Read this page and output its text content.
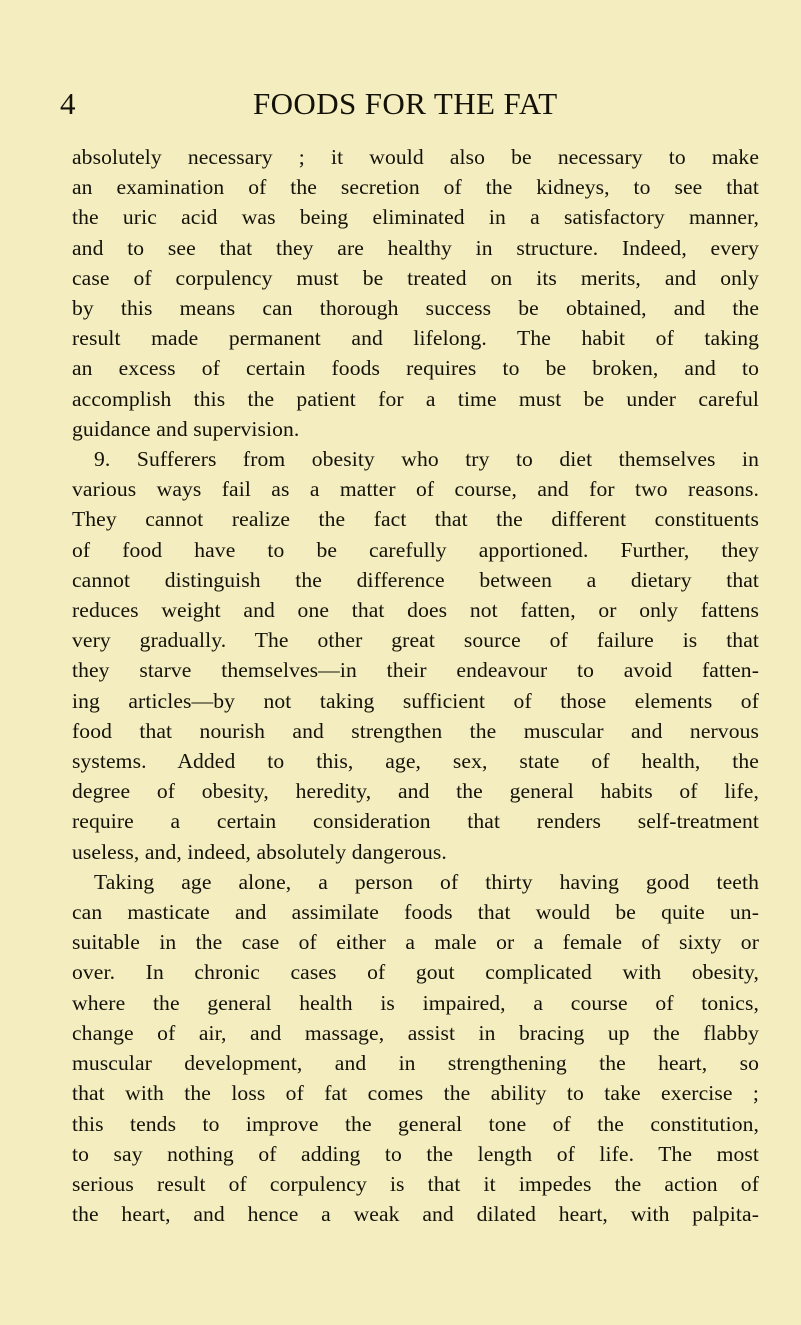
4	FOODS FOR THE FAT

absolutely necessary ; it would also be necessary to make
an examination of the secretion of the kidneys, to see that
the uric acid was being eliminated in a satisfactory manner,
and to see that they are healthy in structure. Indeed, every
case of corpulency must be treated on its merits, and only
by this means can thorough success be obtained, and the
result made permanent and lifelong. The habit of taking
an excess of certain foods requires to be broken, and to
accomplish this the patient for a time must be under careful
guidance and supervision.

9. Sufferers from obesity who try to diet themselves in
various ways fail as a matter of course, and for two reasons.
They cannot realize the fact that the different constituents
of food have to be carefully apportioned. Further, they
cannot distinguish the difference between a dietary that
reduces weight and one that does not fatten, or only fattens
very gradually. The other great source of failure is that
they starve themselves—in their endeavour to avoid fatten-
ing articles—by not taking sufficient of those elements of
food that nourish and strengthen the muscular and nervous
systems. Added to this, age, sex, state of health, the
degree of obesity, heredity, and the general habits of life,
require a certain consideration that renders self-treatment
useless, and, indeed, absolutely dangerous.

Taking age alone, a person of thirty having good teeth
can masticate and assimilate foods that would be quite un-
suitable in the case of either a male or a female of sixty or
over. In chronic cases of gout complicated with obesity,
where the general health is impaired, a course of tonics,
change of air, and massage, assist in bracing up the flabby
muscular development, and in strengthening the heart, so
that with the loss of fat comes the ability to take exercise ;
this tends to improve the general tone of the constitution,
to say nothing of adding to the length of life. The most
serious result of corpulency is that it impedes the action of
the heart, and hence a weak and dilated heart, with palpita-
